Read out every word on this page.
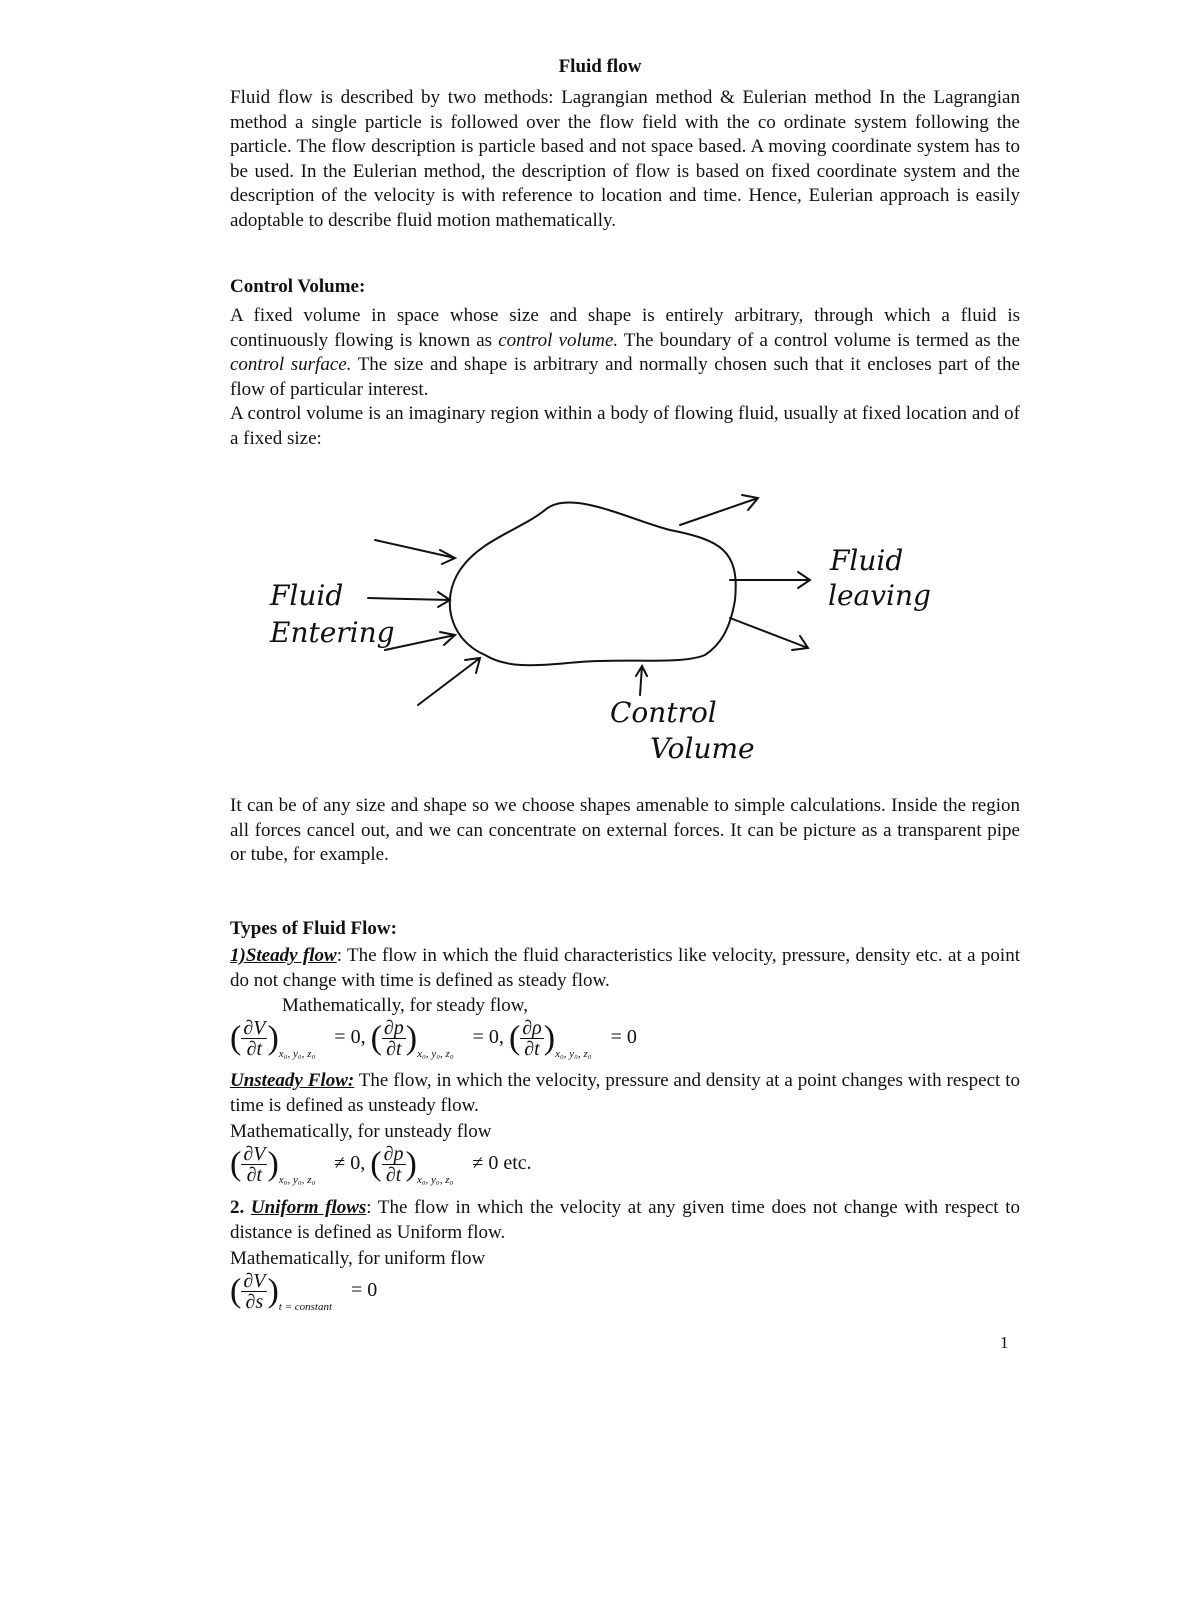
Fluid flow
Fluid flow is described by two methods: Lagrangian method & Eulerian method In the Lagrangian method a single particle is followed over the flow field with the co ordinate system following the particle. The flow description is particle based and not space based. A moving coordinate system has to be used. In the Eulerian method, the description of flow is based on fixed coordinate system and the description of the velocity is with reference to location and time. Hence, Eulerian approach is easily adoptable to describe fluid motion mathematically.
Control Volume:
A fixed volume in space whose size and shape is entirely arbitrary, through which a fluid is continuously flowing is known as control volume. The boundary of a control volume is termed as the control surface. The size and shape is arbitrary and normally chosen such that it encloses part of the flow of particular interest.
A control volume is an imaginary region within a body of flowing fluid, usually at fixed location and of a fixed size:
Fluid
Entering
Fluid
leaving
Control
Volume
It can be of any size and shape so we choose shapes amenable to simple calculations. Inside the region all forces cancel out, and we can concentrate on external forces. It can be picture as a transparent pipe or tube, for example.
Types of Fluid Flow:
1)Steady flow: The flow in which the fluid characteristics like velocity, pressure, density etc. at a point do not change with time is defined as steady flow.
Mathematically, for steady flow,
( $\frac{\partial V}{\partial t} )_{x_0, y_0, z_0} = 0$, ( $\frac{\partial p}{\partial t} )_{x_0, y_0, z_0} = 0$, ( $\frac{\partial\rho}{\partial t} )_{x_0, y_0, z_0} = 0$
Unsteady Flow: The flow, in which the velocity, pressure and density at a point changes with respect to time is defined as unsteady flow.
Mathematically, for unsteady flow
( $\frac{\partial V}{\partial t} )_{x_0, y_0, z_0} \ne 0$, ( $\frac{\partial p}{\partial t} )_{x_0, y_0, z_0} \ne 0$ etc.
2. Uniform flows: The flow in which the velocity at any given time does not change with respect to distance is defined as Uniform flow.
Mathematically, for uniform flow
( $\frac{\partial V}{\partial s} )_{t = constant} = 0$
1
